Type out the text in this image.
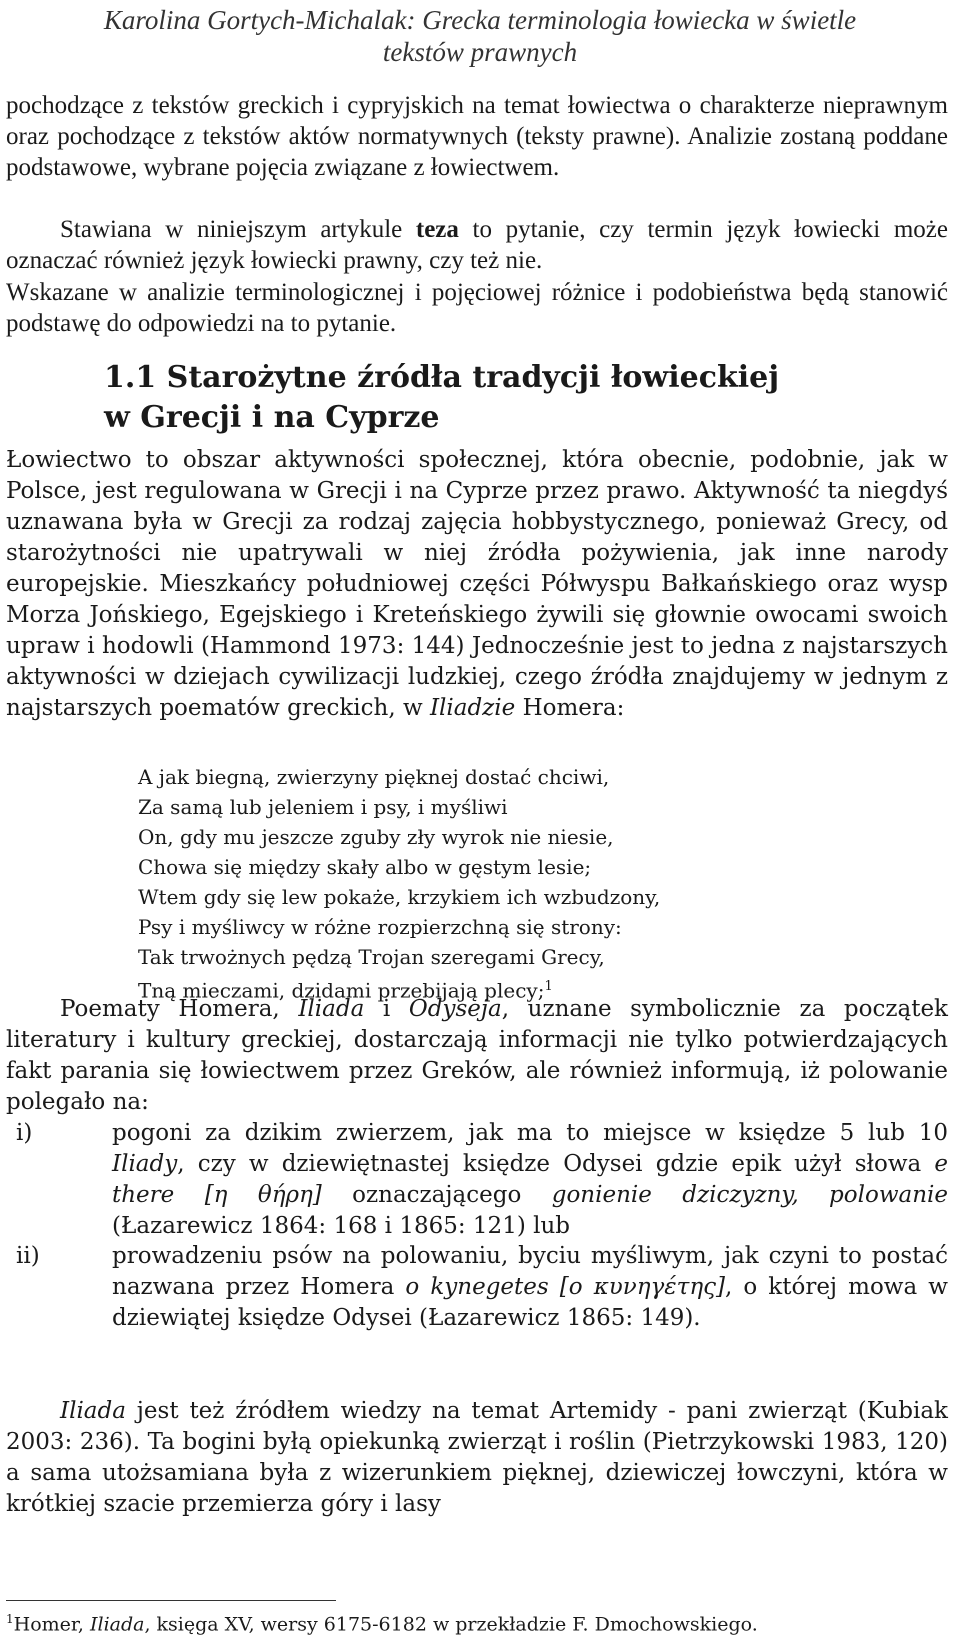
Karolina Gortych-Michalak: Grecka terminologia łowiecka w świetle
tekstów prawnych
pochodzące z tekstów greckich i cypryjskich na temat łowiectwa o charakterze nieprawnym oraz pochodzące z tekstów aktów normatywnych (teksty prawne). Analizie zostaną poddane podstawowe, wybrane pojęcia związane z łowiectwem.
Stawiana w niniejszym artykule teza to pytanie, czy termin język łowiecki może oznaczać również język łowiecki prawny, czy też nie.
Wskazane w analizie terminologicznej i pojęciowej różnice i podobieństwa będą stanowić podstawę do odpowiedzi na to pytanie.
1.1 Starożytne źródła tradycji łowieckiej
w Grecji i na Cyprze
Łowiectwo to obszar aktywności społecznej, która obecnie, podobnie, jak w Polsce, jest regulowana w Grecji i na Cyprze przez prawo. Aktywność ta niegdyś uznawana była w Grecji za rodzaj zajęcia hobbystycznego, ponieważ Grecy, od starożytności nie upatrywali w niej źródła pożywienia, jak inne narody europejskie. Mieszkańcy południowej części Półwyspu Bałkańskiego oraz wysp Morza Jońskiego, Egejskiego i Kreteńskiego żywili się głownie owocami swoich upraw i hodowli (Hammond 1973: 144) Jednocześnie jest to jedna z najstarszych aktywności w dziejach cywilizacji ludzkiej, czego źródła znajdujemy w jednym z najstarszych poematów greckich, w Iliadzie Homera:
A jak biegną, zwierzyny pięknej dostać chciwi,
Za samą lub jeleniem i psy, i myśliwi
On, gdy mu jeszcze zguby zły wyrok nie niesie,
Chowa się między skały albo w gęstym lesie;
Wtem gdy się lew pokaże, krzykiem ich wzbudzony,
Psy i myśliwcy w różne rozpierzchną się strony:
Tak trwożnych pędzą Trojan szeregami Grecy,
Tną mieczami, dzidami przebijają plecy;$^1$
Poematy Homera, Iliada i Odyseja, uznane symbolicznie za początek literatury i kultury greckiej, dostarczają informacji nie tylko potwierdzających fakt parania się łowiectwem przez Greków, ale również informują, iż polowanie polegało na:
i)	pogoni za dzikim zwierzem, jak ma to miejsce w księdze 5 lub 10 Iliady, czy w dziewiętnastej księdze Odysei gdzie epik użył słowa e there [η θήρη] oznaczającego gonienie dziczyzny, polowanie (Łazarewicz 1864: 168 i 1865: 121) lub
ii)	prowadzeniu psów na polowaniu, byciu myśliwym, jak czyni to postać nazwana przez Homera o kynegetes [ο κυνηγέτης], o której mowa w dziewiątej księdze Odysei (Łazarewicz 1865: 149).
Iliada jest też źródłem wiedzy na temat Artemidy - pani zwierząt (Kubiak 2003: 236). Ta bogini byłą opiekunką zwierząt i roślin (Pietrzykowski 1983, 120) a sama utożsamiana była z wizerunkiem pięknej, dziewiczej łowczyni, która w krótkiej szacie przemierza góry i lasy
$^1$Homer, Iliada, księga XV, wersy 6175-6182 w przekładzie F. Dmochowskiego.
